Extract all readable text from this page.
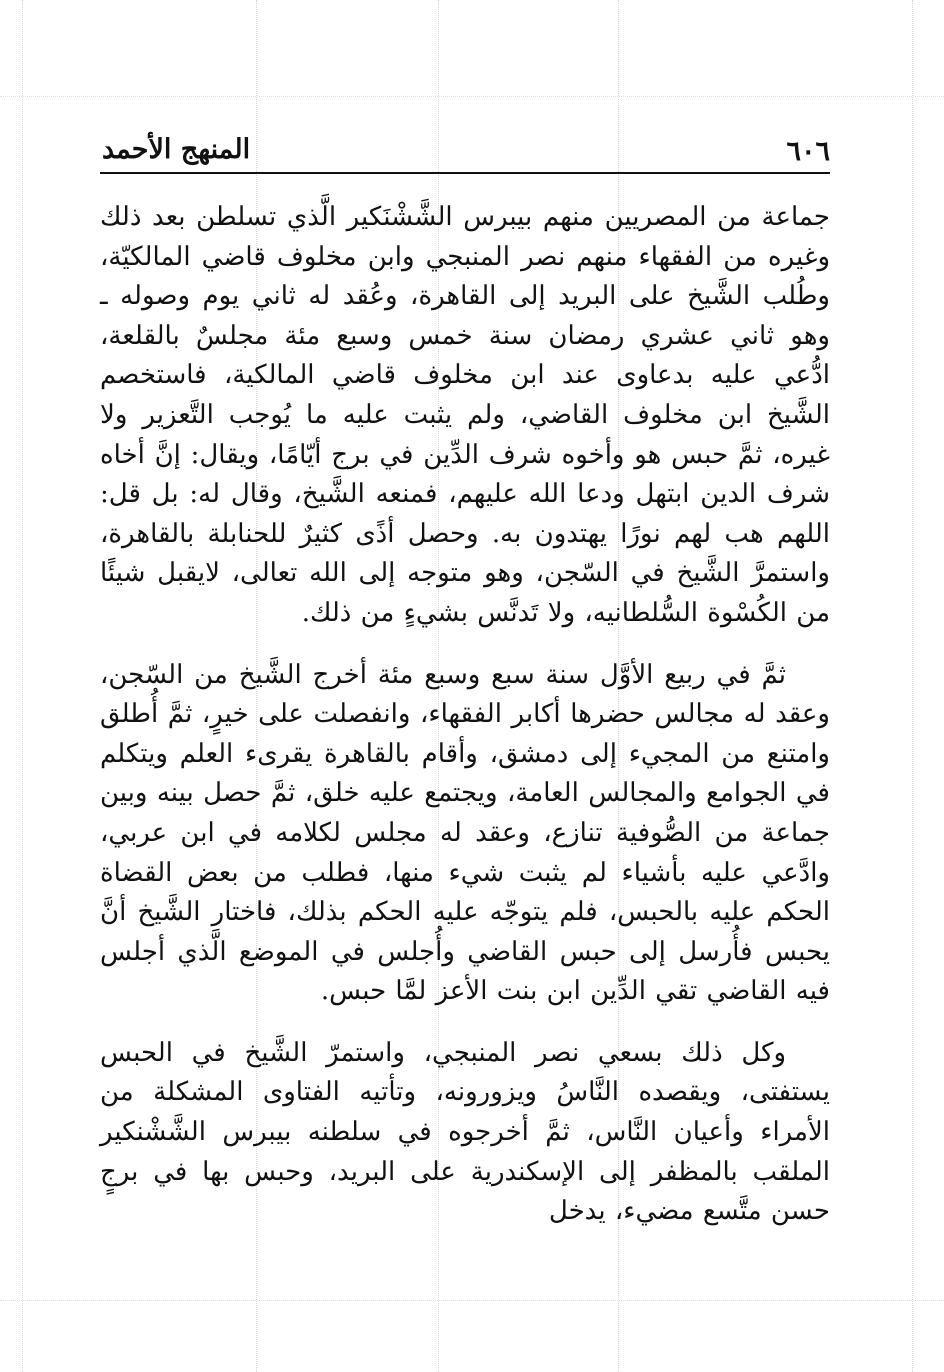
٦٠٦
المنهج الأحمد

جماعة من المصريين منهم بيبرس الشَّشْنَكير الَّذي تسلطن بعد ذلك وغيره من الفقهاء منهم نصر المنبجي وابن مخلوف قاضي المالكيّة، وطُلب الشَّيخ على البريد إلى القاهرة، وعُقد له ثاني يوم وصوله ـ وهو ثاني عشري رمضان سنة خمس وسبع مئة مجلسٌ بالقلعة، ادُّعي عليه بدعاوى عند ابن مخلوف قاضي المالكية، فاستخصم الشَّيخ ابن مخلوف القاضي، ولم يثبت عليه ما يُوجب التَّعزير ولا غيره، ثمَّ حبس هو وأخوه شرف الدِّين في برج أيّامًا، ويقال: إنَّ أخاه شرف الدين ابتهل ودعا الله عليهم، فمنعه الشَّيخ، وقال له: بل قل: اللهم هب لهم نورًا يهتدون به. وحصل أذًى كثيرٌ للحنابلة بالقاهرة، واستمرَّ الشَّيخ في السّجن، وهو متوجه إلى الله تعالى، لايقبل شيئًا من الكُسْوة السُّلطانيه، ولا تَدنَّس بشيءٍ من ذلك.

ثمَّ في ربيع الأوَّل سنة سبع وسبع مئة أخرج الشَّيخ من السّجن، وعقد له مجالس حضرها أكابر الفقهاء، وانفصلت على خيرٍ، ثمَّ أُطلق وامتنع من المجيء إلى دمشق، وأقام بالقاهرة يقرىء العلم ويتكلم في الجوامع والمجالس العامة، ويجتمع عليه خلق، ثمَّ حصل بينه وبين جماعة من الصُّوفية تنازع، وعقد له مجلس لكلامه في ابن عربي، وادَّعي عليه بأشياء لم يثبت شيء منها، فطلب من بعض القضاة الحكم عليه بالحبس، فلم يتوجّه عليه الحكم بذلك، فاختار الشَّيخ أنَّ يحبس فأُرسل إلى حبس القاضي وأُجلس في الموضع الَّذي أجلس فيه القاضي تقي الدِّين ابن بنت الأعز لمَّا حبس.

وكل ذلك بسعي نصر المنبجي، واستمرّ الشَّيخ في الحبس يستفتى، ويقصده النَّاسُ ويزورونه، وتأتيه الفتاوى المشكلة من الأمراء وأعيان النَّاس، ثمَّ أخرجوه في سلطنه بيبرس الشَّشْنكير الملقب بالمظفر إلى الإسكندرية على البريد، وحبس بها في برجٍ حسن متَّسع مضيء، يدخل
